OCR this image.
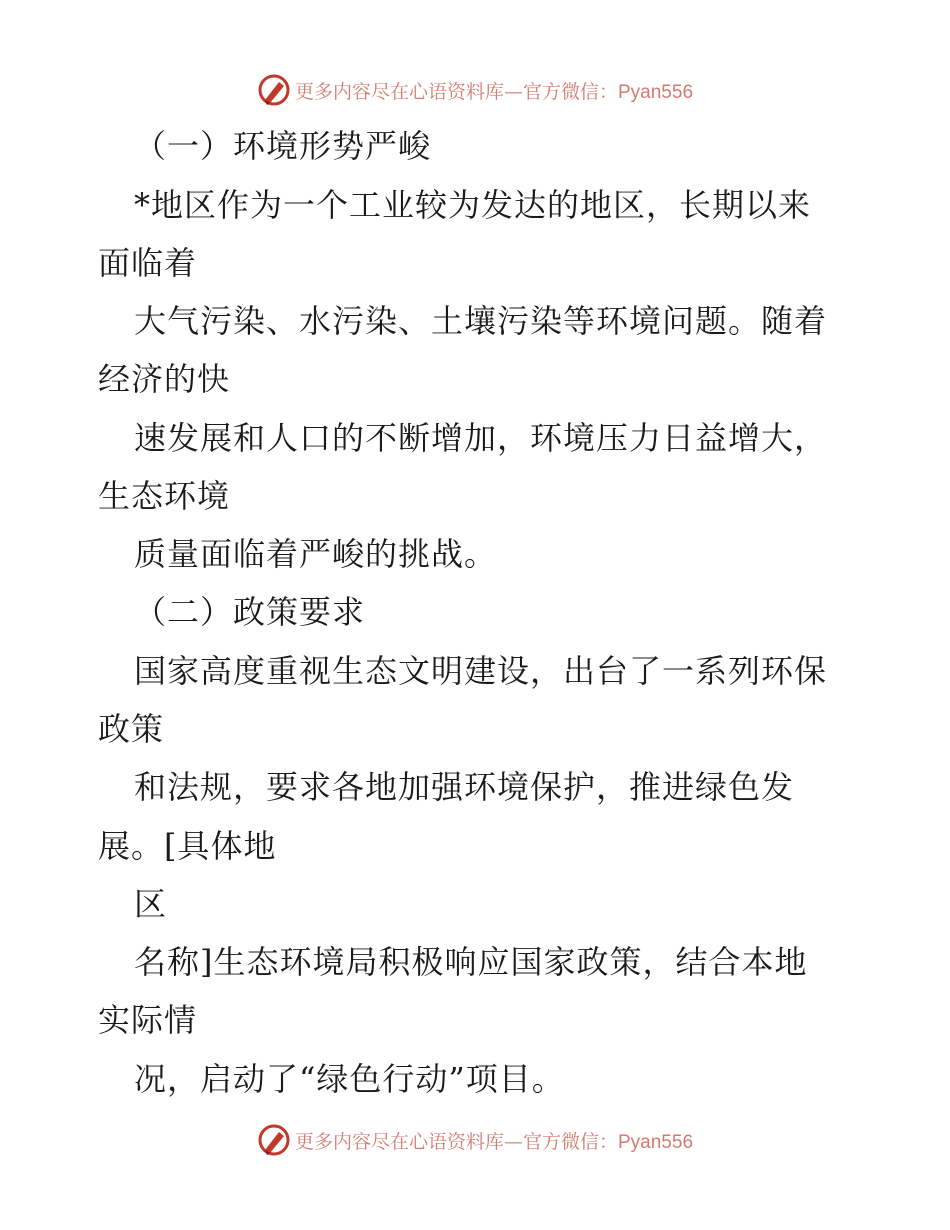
更多内容尽在心语资料库—官方微信：Pyan556
（一）环境形势严峻
*地区作为一个工业较为发达的地区，长期以来
面临着
大气污染、水污染、土壤污染等环境问题。随着
经济的快
速发展和人口的不断增加，环境压力日益增大，
生态环境
质量面临着严峻的挑战。
（二）政策要求
国家高度重视生态文明建设，出台了一系列环保
政策
和法规，要求各地加强环境保护，推进绿色发
展。[具体地
区
名称]生态环境局积极响应国家政策，结合本地
实际情
况，启动了“绿色行动”项目。
更多内容尽在心语资料库—官方微信：Pyan556
